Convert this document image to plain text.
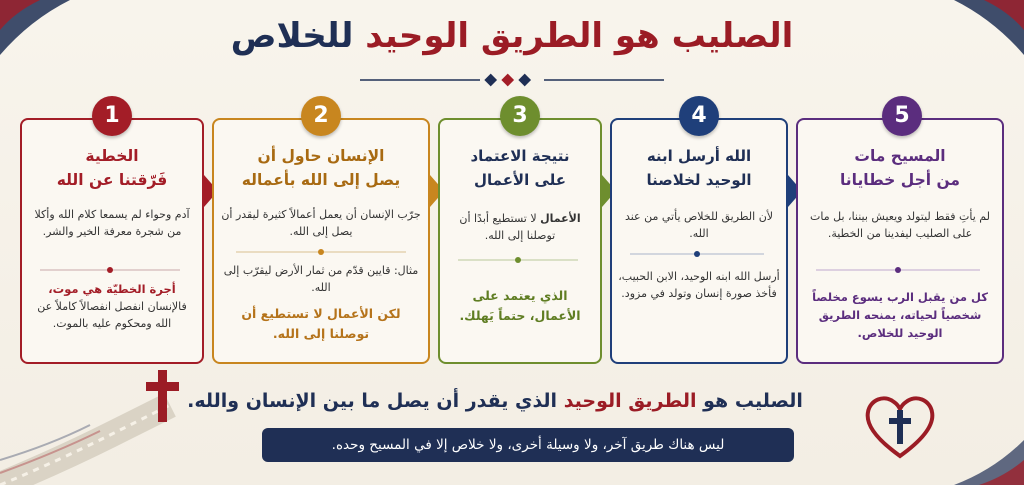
الصليب هو الطريق الوحيد للخلاص
الخطية
فَرّقتنا عن الله
آدم وحواء لم يسمعا كلام الله وأكلا من شجرة معرفة الخير والشر.
أجرة الخطيّة هي موت،
فالإنسان انفصل انفصالاً كاملاً عن الله ومحكوم عليه بالموت.
1
الإنسان حاول أن
يصل إلى الله بأعماله
جرّب الإنسان أن يعمل أعمالاً كثيرة ليقدر أن يصل إلى الله.
مثال: قايين قدّم من ثمار الأرض ليقرّب إلى الله.
لكن الأعمال لا تستطيع أن توصلنا إلى الله.
2
نتيجة الاعتماد
على الأعمال
الأعمال لا تستطيع أبدًا أن توصلنا إلى الله.
الذي يعتمد على الأعمال، حتماً يَهلك.
3
الله أرسل ابنه
الوحيد لخلاصنا
لأن الطريق للخلاص يأتي من عند الله.
أرسل الله ابنه الوحيد، الابن الحبيب، فأخذ صورة إنسان وتولد في مزود.
4
المسيح مات
من أجل خطايانا
لم يأتِ فقط ليتولد ويعيش بيننا، بل مات على الصليب ليفدينا من الخطية.
كل من يقبل الرب يسوع مخلصاً شخصياً لحياته، يمنحه الطريق الوحيد للخلاص.
5
الصليب هو الطريق الوحيد الذي يقدر أن يصل ما بين الإنسان والله.
ليس هناك طريق آخر، ولا وسيلة أخرى، ولا خلاص إلا في المسيح وحده.
